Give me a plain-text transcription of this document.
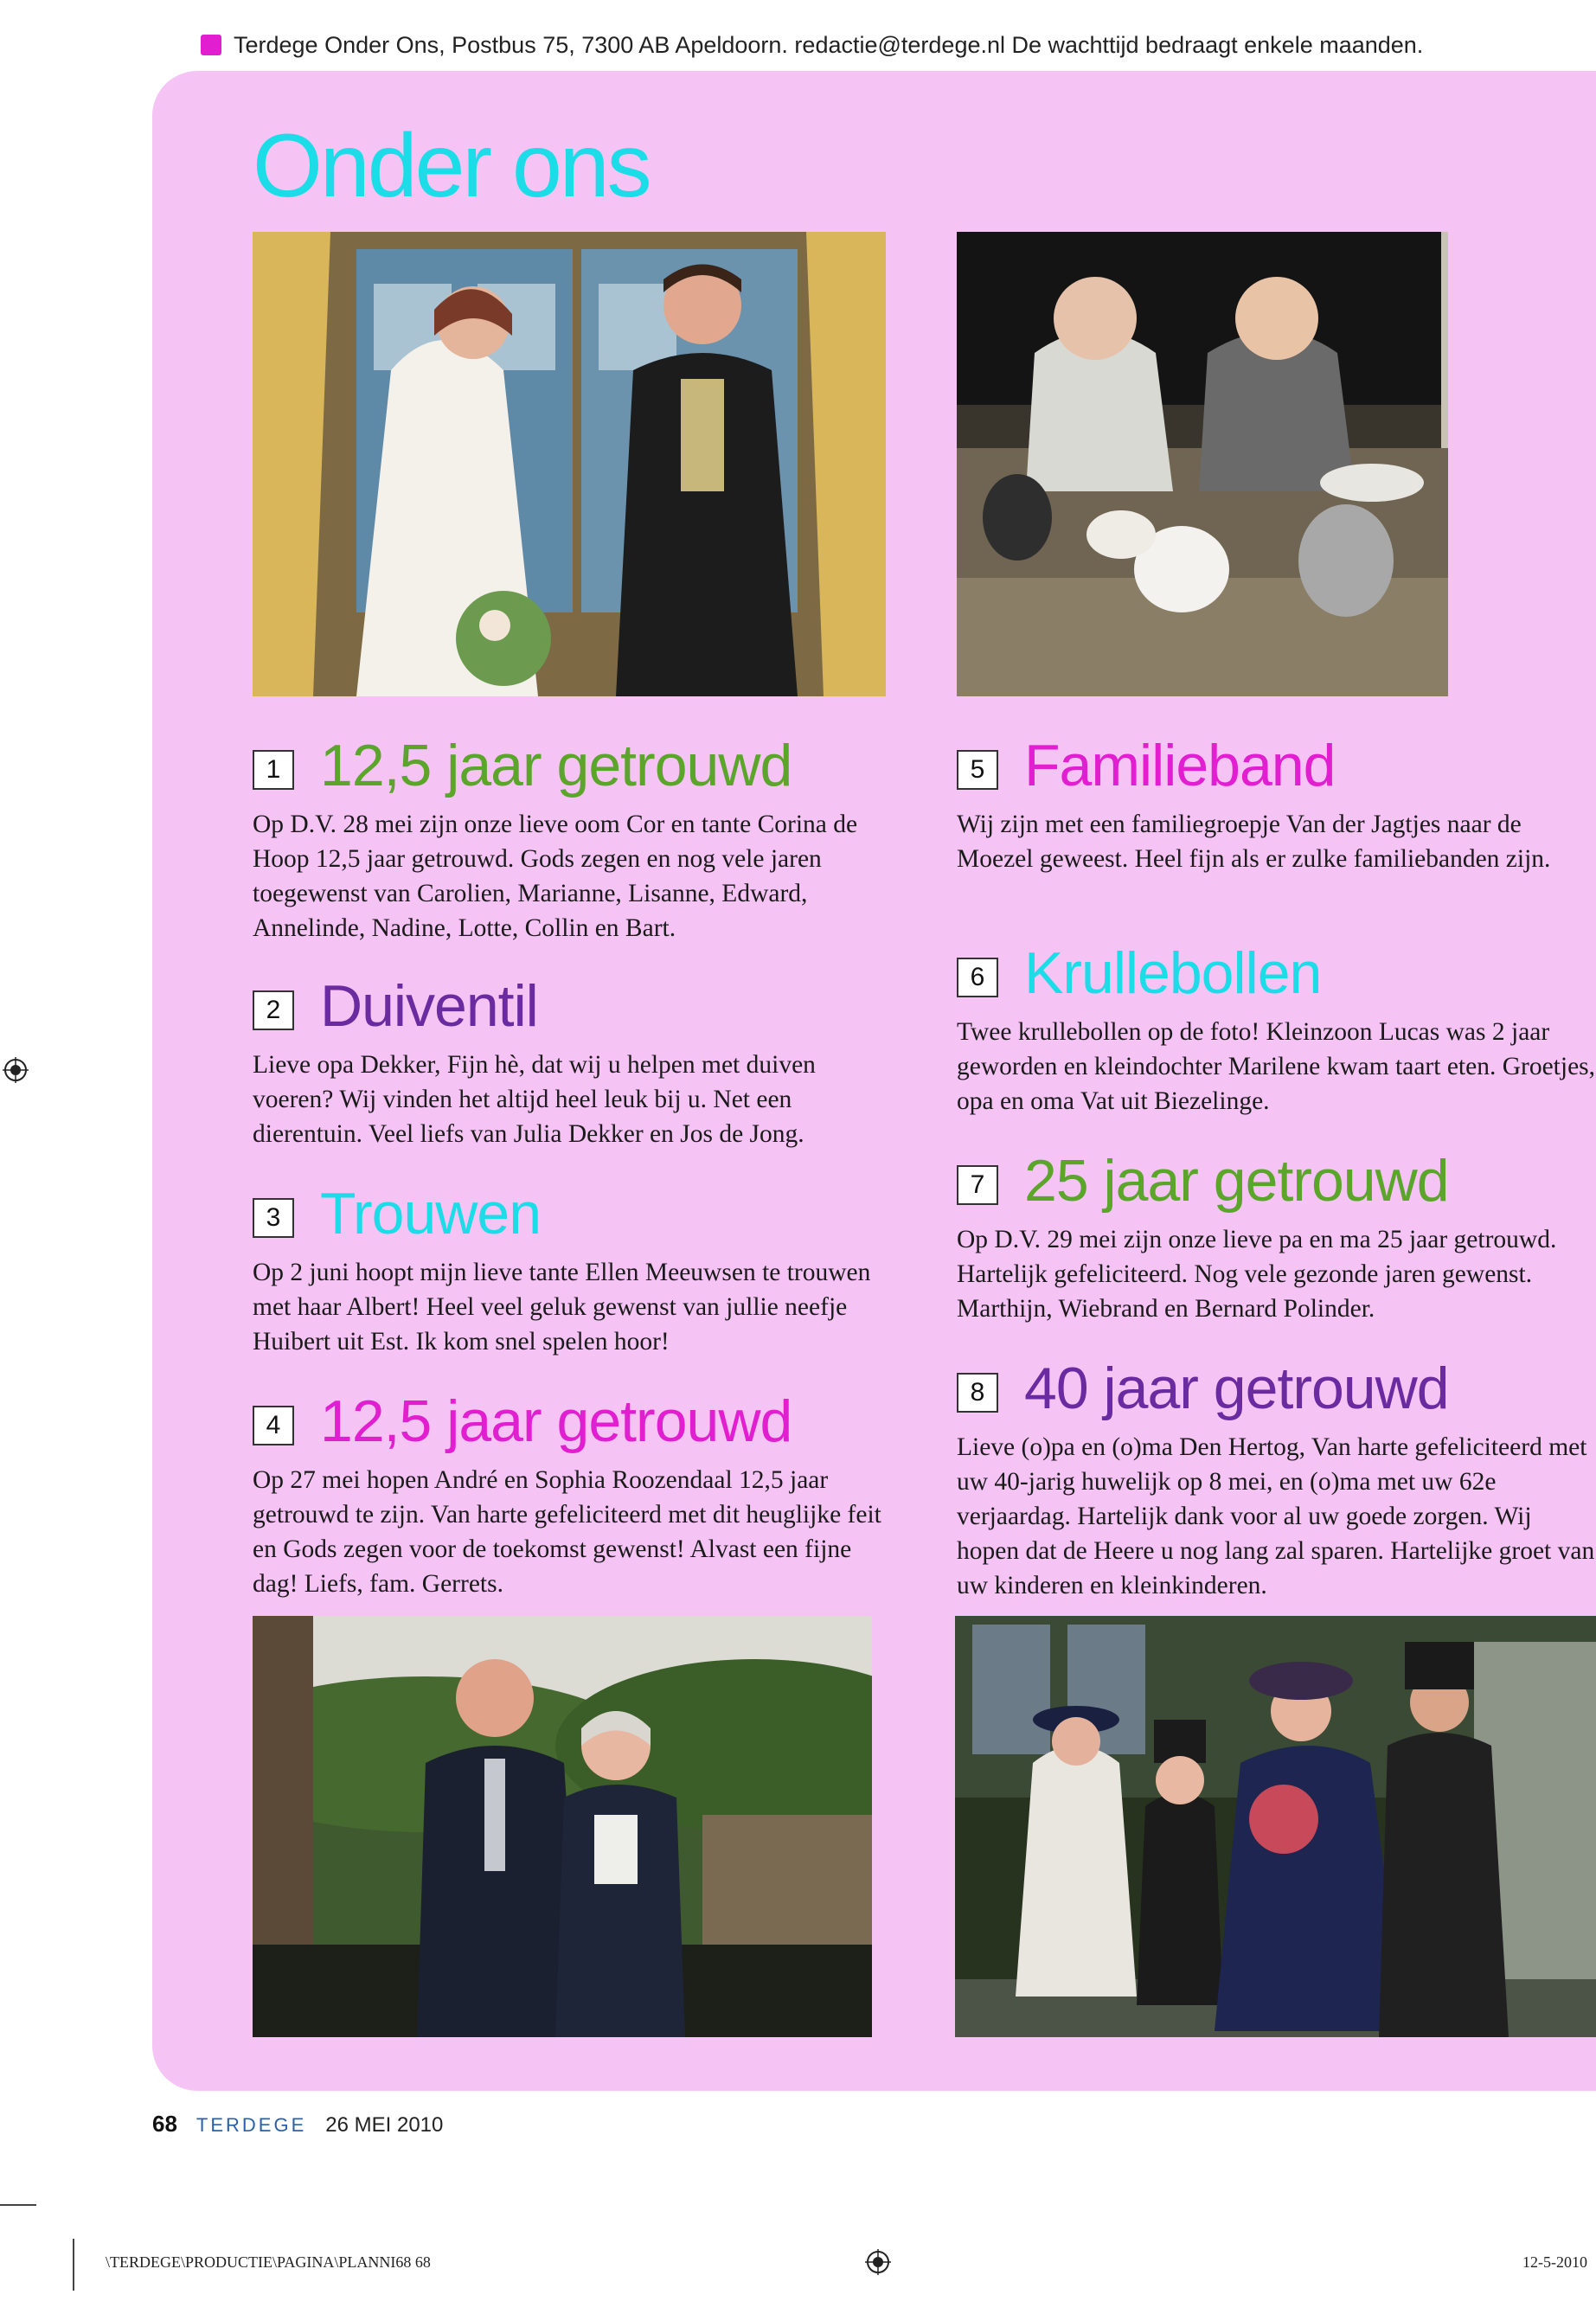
Terdege Onder Ons, Postbus 75, 7300 AB Apeldoorn. redactie@terdege.nl De wachttijd bedraagt enkele maanden.
Onder ons
1 12,5 jaar getrouwd
Op D.V. 28 mei zijn onze lieve oom Cor en tante Corina de Hoop 12,5 jaar getrouwd. Gods zegen en nog vele jaren toegewenst van Carolien, Marianne, Lisanne, Edward, Annelinde, Nadine, Lotte, Collin en Bart.
2 Duiventil
Lieve opa Dekker, Fijn hè, dat wij u helpen met duiven voeren? Wij vinden het altijd heel leuk bij u. Net een dierentuin. Veel liefs van Julia Dekker en Jos de Jong.
3 Trouwen
Op 2 juni hoopt mijn lieve tante Ellen Meeuwsen te trouwen met haar Albert! Heel veel geluk gewenst van jullie neefje Huibert uit Est. Ik kom snel spelen hoor!
4 12,5 jaar getrouwd
Op 27 mei hopen André en Sophia Roozendaal 12,5 jaar getrouwd te zijn. Van harte gefeliciteerd met dit heuglijke feit en Gods zegen voor de toekomst gewenst! Alvast een fijne dag! Liefs, fam. Gerrets.
5 Familieband
Wij zijn met een familiegroepje Van der Jagtjes naar de Moezel geweest. Heel fijn als er zulke familiebanden zijn.
6 Krullebollen
Twee krullebollen op de foto! Kleinzoon Lucas was 2 jaar geworden en kleindochter Marilene kwam taart eten. Groetjes, opa en oma Vat uit Biezelinge.
7 25 jaar getrouwd
Op D.V. 29 mei zijn onze lieve pa en ma 25 jaar getrouwd. Hartelijk gefeliciteerd. Nog vele gezonde jaren gewenst. Marthijn, Wiebrand en Bernard Polinder.
8 40 jaar getrouwd
Lieve (o)pa en (o)ma Den Hertog, Van harte gefeliciteerd met uw 40-jarig huwelijk op 8 mei, en (o)ma met uw 62e verjaardag. Hartelijk dank voor al uw goede zorgen. Wij hopen dat de Heere u nog lang zal sparen. Hartelijke groet van uw kinderen en kleinkinderen.
68 TERDEGE 26 MEI 2010
\TERDEGE\PRODUCTIE\PAGINA\PLANNI68 68	12-5-2010
